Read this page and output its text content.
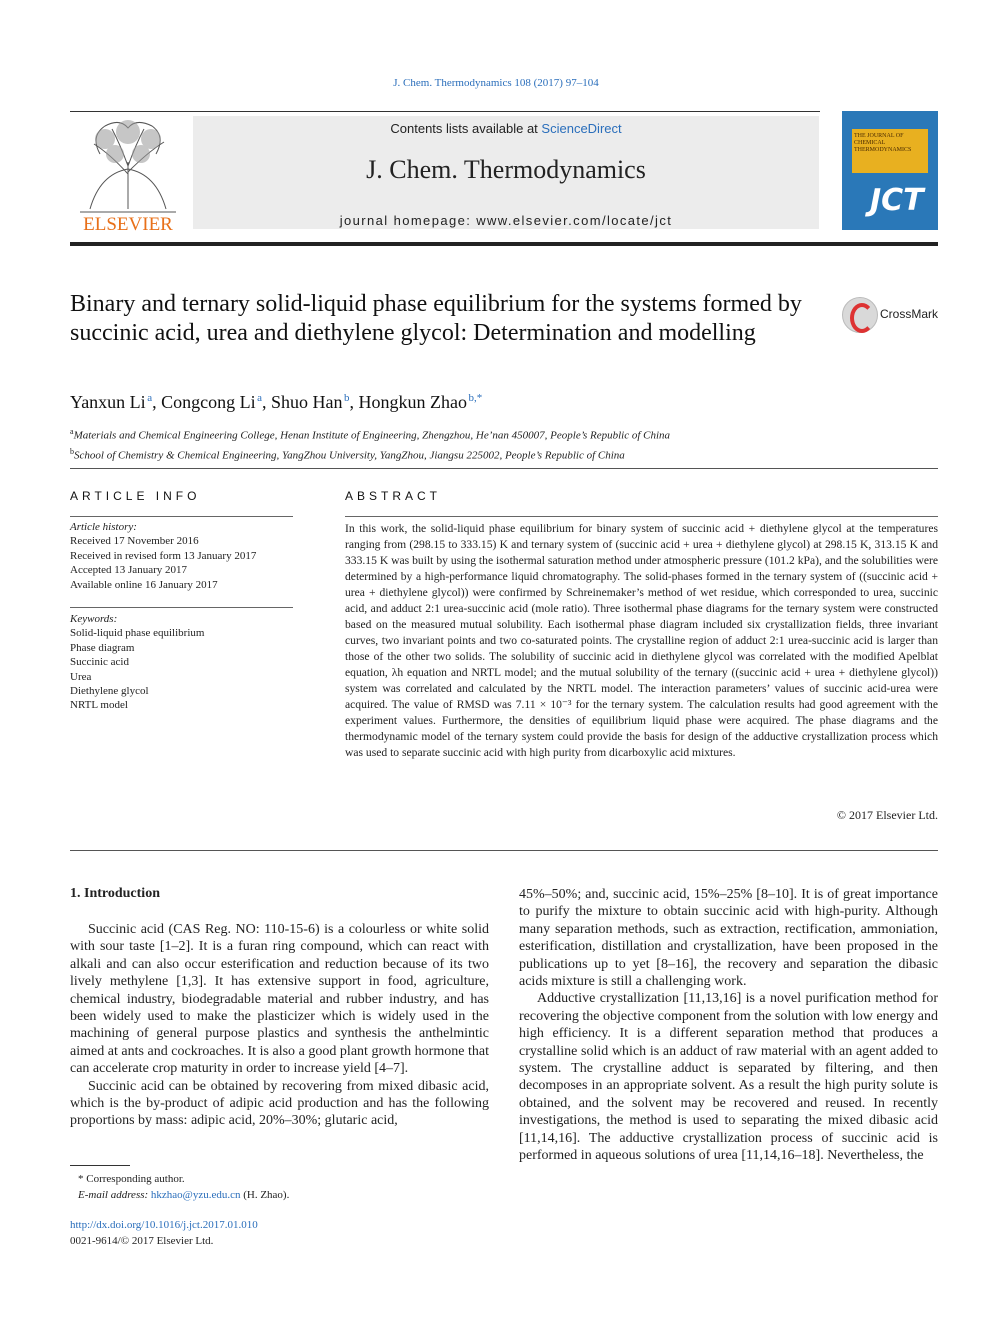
J. Chem. Thermodynamics 108 (2017) 97–104
ELSEVIER
Contents lists available at ScienceDirect
J. Chem. Thermodynamics
journal homepage: www.elsevier.com/locate/jct
THE JOURNAL OF CHEMICAL THERMODYNAMICS
JCT
Binary and ternary solid-liquid phase equilibrium for the systems formed by succinic acid, urea and diethylene glycol: Determination and modelling
CrossMark
Yanxun Li  $^a$, Congcong Li  $^a$, Shuo Han  $^b$, Hongkun Zhao  $^{b,*}$
$^a$Materials and Chemical Engineering College, Henan Institute of Engineering, Zhengzhou, He’nan 450007, People’s Republic of China
$^b$School of Chemistry & Chemical Engineering, YangZhou University, YangZhou, Jiangsu 225002, People’s Republic of China
ARTICLE INFO
Article history:
Received 17 November 2016
Received in revised form 13 January 2017
Accepted 13 January 2017
Available online 16 January 2017
Keywords:
Solid-liquid phase equilibrium
Phase diagram
Succinic acid
Urea
Diethylene glycol
NRTL model
ABSTRACT
In this work, the solid-liquid phase equilibrium for binary system of succinic acid + diethylene glycol at the temperatures ranging from (298.15 to 333.15) K and ternary system of (succinic acid + urea + diethylene glycol) at 298.15 K, 313.15 K and 333.15 K was built by using the isothermal saturation method under atmospheric pressure (101.2 kPa), and the solubilities were determined by a high-performance liquid chromatography. The solid-phases formed in the ternary system of ((succinic acid + urea + diethylene glycol)) were confirmed by Schreinemaker’s method of wet residue, which corresponded to urea, succinic acid, and adduct 2:1 urea-succinic acid (mole ratio). Three isothermal phase diagrams for the ternary system were constructed based on the measured mutual solubility. Each isothermal phase diagram included six crystallization fields, three invariant curves, two invariant points and two co-saturated points. The crystalline region of adduct 2:1 urea-succinic acid is larger than those of the other two solids. The solubility of succinic acid in diethylene glycol was correlated with the modified Apelblat equation, λh equation and NRTL model; and the mutual solubility of the ternary ((succinic acid + urea + diethylene glycol)) system was correlated and calculated by the NRTL model. The interaction parameters’ values of succinic acid-urea were acquired. The value of RMSD was 7.11 × 10⁻³ for the ternary system. The calculation results had good agreement with the experiment values. Furthermore, the densities of equilibrium liquid phase were acquired. The phase diagrams and the thermodynamic model of the ternary system could provide the basis for design of the adductive crystallization process which was used to separate succinic acid with high purity from dicarboxylic acid mixtures.
© 2017 Elsevier Ltd.
1. Introduction

Succinic acid (CAS Reg. NO: 110-15-6) is a colourless or white solid with sour taste [1–2]. It is a furan ring compound, which can react with alkali and can also occur esterification and reduction because of its two lively methylene [1,3]. It has extensive support in food, agriculture, chemical industry, biodegradable material and rubber industry, and has been widely used to make the plasticizer which is widely used in the machining of general purpose plastics and synthesis the anthelmintic aimed at ants and cockroaches. It is also a good plant growth hormone that can accelerate crop maturity in order to increase yield [4–7].

Succinic acid can be obtained by recovering from mixed dibasic acid, which is the by-product of adipic acid production and has the following proportions by mass: adipic acid, 20%–30%; glutaric acid,

45%–50%; and, succinic acid, 15%–25% [8–10]. It is of great importance to purify the mixture to obtain succinic acid with high-purity. Although many separation methods, such as extraction, rectification, ammoniation, esterification, distillation and crystallization, have been proposed in the publications up to yet [8–16], the recovery and separation the dibasic acids mixture is still a challenging work.

Adductive crystallization [11,13,16] is a novel purification method for recovering the objective component from the solution with low energy and high efficiency. It is a different separation method that produces a crystalline solid which is an adduct of raw material with an agent added to system. The crystalline adduct is separated by filtering, and then decomposes in an appropriate solvent. As a result the high purity solute is obtained, and the solvent may be recovered and reused. In recently investigations, the method is used to separating the mixed dibasic acid [11,14,16]. The adductive crystallization process of succinic acid is performed in aqueous solutions of urea [11,14,16–18]. Nevertheless, the

* Corresponding author.
E-mail address: hkzhao@yzu.edu.cn (H. Zhao).
http://dx.doi.org/10.1016/j.jct.2017.01.010
0021-9614/© 2017 Elsevier Ltd.
